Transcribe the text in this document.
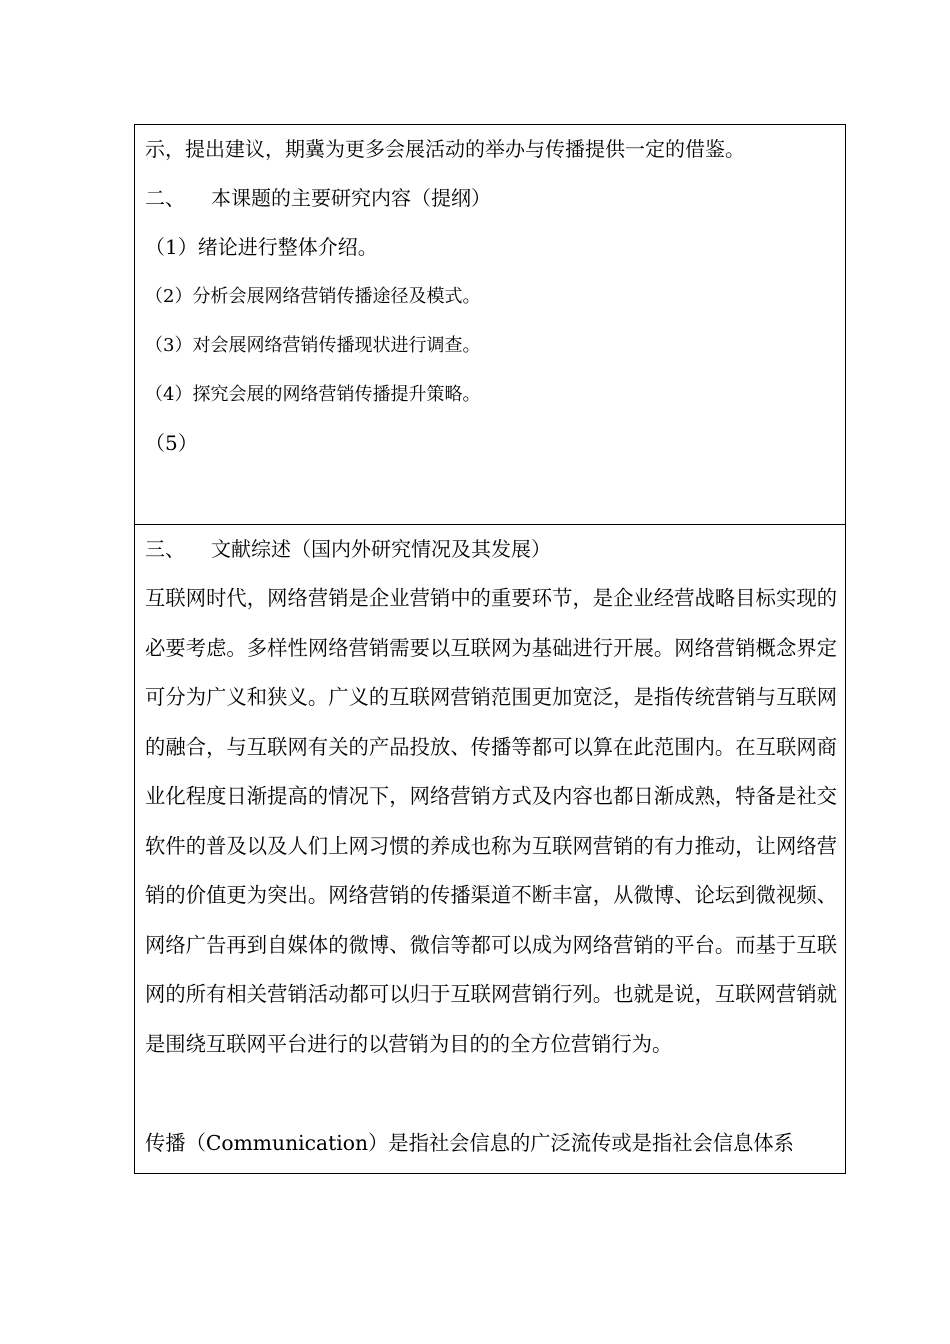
示，提出建议，期冀为更多会展活动的举办与传播提供一定的借鉴。
二、 本课题的主要研究内容（提纲）
（1）绪论进行整体介绍。
（2）分析会展网络营销传播途径及模式。
（3）对会展网络营销传播现状进行调查。
（4）探究会展的网络营销传播提升策略。
（5）
三、 文献综述（国内外研究情况及其发展）

互联网时代，网络营销是企业营销中的重要环节，是企业经营战略目标实现的必要考虑。多样性网络营销需要以互联网为基础进行开展。网络营销概念界定可分为广义和狭义。广义的互联网营销范围更加宽泛，是指传统营销与互联网的融合，与互联网有关的产品投放、传播等都可以算在此范围内。在互联网商业化程度日渐提高的情况下，网络营销方式及内容也都日渐成熟，特备是社交软件的普及以及人们上网习惯的养成也称为互联网营销的有力推动，让网络营销的价值更为突出。网络营销的传播渠道不断丰富，从微博、论坛到微视频、网络广告再到自媒体的微博、微信等都可以成为网络营销的平台。而基于互联网的所有相关营销活动都可以归于互联网营销行列。也就是说，互联网营销就是围绕互联网平台进行的以营销为目的的全方位营销行为。

传播（Communication）是指社会信息的广泛流传或是指社会信息体系
